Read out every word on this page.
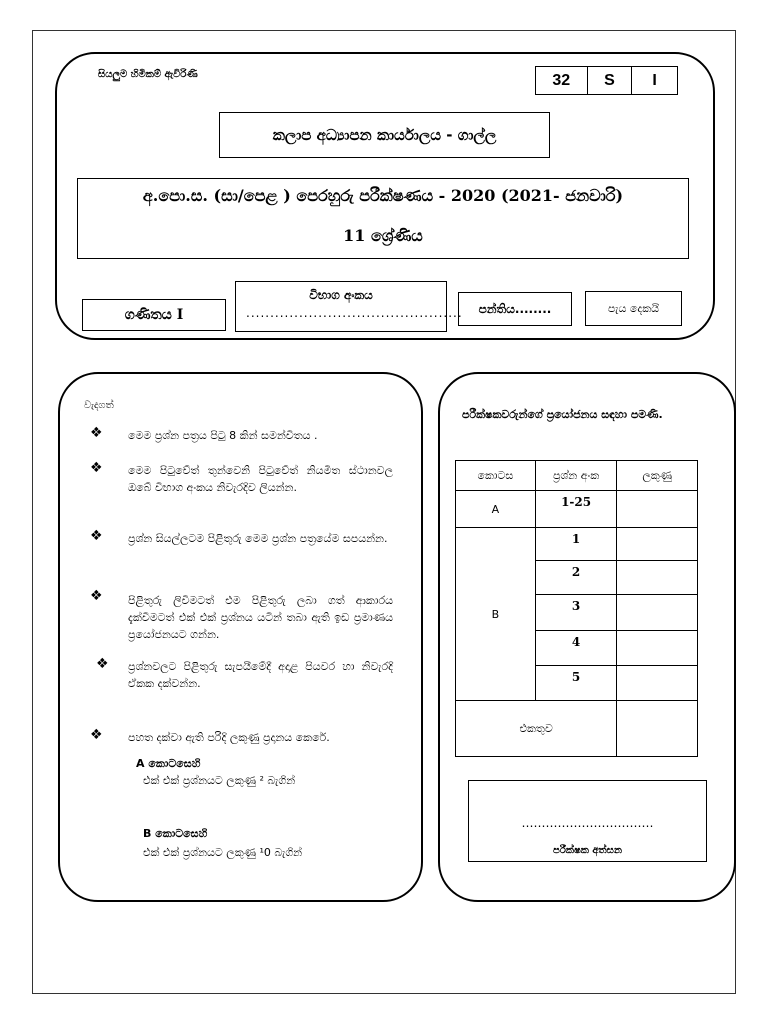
සියලුම හිමිකම් ඇවිරිණි	32	S	I
කලාප අධ්‍යාපන කාර්යාලය - ගාල්ල
අ.පො.ස. (සා/පෙළ ) පෙරහුරු පරීක්ෂණය - 2020 (2021- ජනවාරි)
11 ශ්‍රේණිය
ගණිතය I
විභාග අංකය
.............................................	පන්තිය........	පැය දෙකයි
වැදගත්
❖ මෙම ප්‍රශ්න පත්‍රය පිටු 8 කින් සමන්විතය .
❖ මෙම පිටුවේත් තුන්වෙනි පිටුවේත් නියමිත ස්ථානවල ඔබේ විභාග අංකය නිවැරදිව ලියන්න.
❖ ප්‍රශ්න සියල්ලටම පිළිතුරු මෙම ප්‍රශ්න පත්‍රයේම සපයන්න.
❖ පිළිතුරු ලිවීමටත් එම පිළිතුරු ලබා ගත් ආකාරය දැක්වීමටත් එක් එක් ප්‍රශ්නය යටින් තබා ඇති ඉඩ ප්‍රමාණය ප්‍රයෝජනයට ගන්න.
❖ ප්‍රශ්නවලට පිළිතුරු සැපයීමේදී අදාළ පියවර හා නිවැරදි ඒකක දක්වන්න.
❖ පහත දක්වා ඇති පරිදි ලකුණු ප්‍රදානය කෙරේ.
A කොටසෙහි
එක් එක් ප්‍රශ්නයට ලකුණු ² බැගින්
B කොටසෙහි
එක් එක් ප්‍රශ්නයට ලකුණු ¹0 බැගින්
පරීක්ෂකවරුන්ගේ ප්‍රයෝජනය සඳහා පමණි.
කොටස	ප්‍රශ්න අංක	ලකුණු
A	1-25	
B	1	
	2	
	3	
	4	
	5	
එකතුව		
……………………………
පරීක්ෂක අත්සන
